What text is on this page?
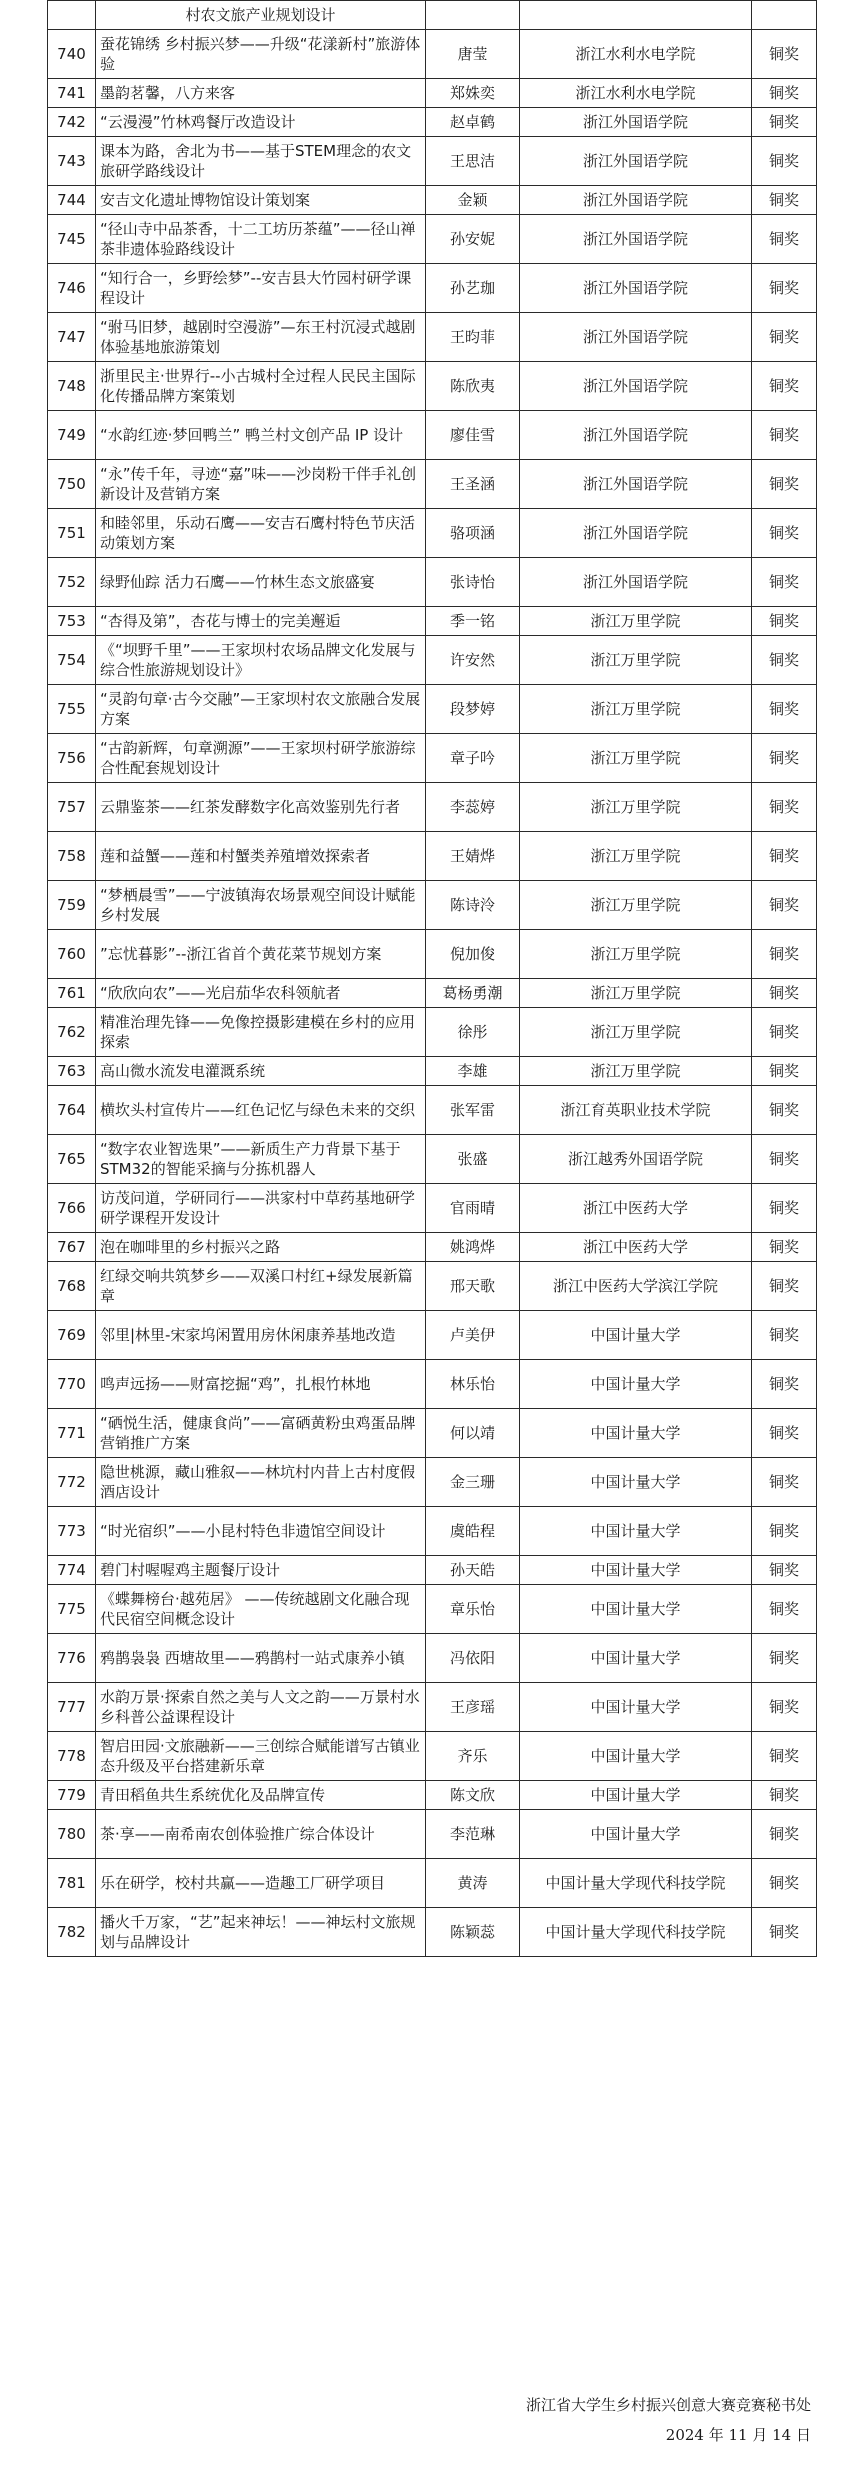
	村农文旅产业规划设计			
740	蚕花锦绣 乡村振兴梦——升级“花漾新村”旅游体验	唐莹	浙江水利水电学院	铜奖
741	墨韵茗馨，八方来客	郑姝奕	浙江水利水电学院	铜奖
742	“云漫漫”竹林鸡餐厅改造设计	赵卓鹤	浙江外国语学院	铜奖
743	课本为路，舍北为书——基于STEM理念的农文旅研学路线设计	王思洁	浙江外国语学院	铜奖
744	安吉文化遗址博物馆设计策划案	金颖	浙江外国语学院	铜奖
745	“径山寺中品茶香，十二工坊历茶蕴”——径山禅茶非遗体验路线设计	孙安妮	浙江外国语学院	铜奖
746	“知行合一，乡野绘梦”--安吉县大竹园村研学课程设计	孙艺珈	浙江外国语学院	铜奖
747	“驸马旧梦，越剧时空漫游”—东王村沉浸式越剧体验基地旅游策划	王昀菲	浙江外国语学院	铜奖
748	浙里民主·世界行--小古城村全过程人民民主国际化传播品牌方案策划	陈欣夷	浙江外国语学院	铜奖
749	“水韵红迹·梦回鸭兰” 鸭兰村文创产品 IP 设计	廖佳雪	浙江外国语学院	铜奖
750	“永”传千年，寻迹“嘉”味——沙岗粉干伴手礼创新设计及营销方案	王圣涵	浙江外国语学院	铜奖
751	和睦邻里，乐动石鹰——安吉石鹰村特色节庆活动策划方案	骆项涵	浙江外国语学院	铜奖
752	绿野仙踪 活力石鹰——竹林生态文旅盛宴	张诗怡	浙江外国语学院	铜奖
753	“杏得及第”，杏花与博士的完美邂逅	季一铭	浙江万里学院	铜奖
754	《“坝野千里”——王家坝村农场品牌文化发展与综合性旅游规划设计》	许安然	浙江万里学院	铜奖
755	“灵韵句章·古今交融”—王家坝村农文旅融合发展方案	段梦婷	浙江万里学院	铜奖
756	“古韵新辉，句章溯源”——王家坝村研学旅游综合性配套规划设计	章子吟	浙江万里学院	铜奖
757	云鼎鉴茶——红茶发酵数字化高效鉴别先行者	李蕊婷	浙江万里学院	铜奖
758	莲和益蟹——莲和村蟹类养殖增效探索者	王婧烨	浙江万里学院	铜奖
759	“梦栖晨雪”——宁波镇海农场景观空间设计赋能乡村发展	陈诗泠	浙江万里学院	铜奖
760	”忘忧暮影”--浙江省首个黄花菜节规划方案	倪加俊	浙江万里学院	铜奖
761	“欣欣向农”——光启茄华农科领航者	葛杨勇潮	浙江万里学院	铜奖
762	精准治理先锋——免像控摄影建模在乡村的应用探索	徐彤	浙江万里学院	铜奖
763	高山微水流发电灌溉系统	李雄	浙江万里学院	铜奖
764	横坎头村宣传片——红色记忆与绿色未来的交织	张军雷	浙江育英职业技术学院	铜奖
765	“数字农业智选果”——新质生产力背景下基于STM32的智能采摘与分拣机器人	张盛	浙江越秀外国语学院	铜奖
766	访茂问道，学研同行——洪家村中草药基地研学研学课程开发设计	官雨晴	浙江中医药大学	铜奖
767	泡在咖啡里的乡村振兴之路	姚鸿烨	浙江中医药大学	铜奖
768	红绿交响共筑梦乡——双溪口村红+绿发展新篇章	邢天歌	浙江中医药大学滨江学院	铜奖
769	邻里|林里-宋家坞闲置用房休闲康养基地改造	卢美伊	中国计量大学	铜奖
770	鸣声远扬——财富挖掘“鸡”，扎根竹林地	林乐怡	中国计量大学	铜奖
771	“硒悦生活，健康食尚”——富硒黄粉虫鸡蛋品牌营销推广方案	何以靖	中国计量大学	铜奖
772	隐世桃源，藏山雅叙——林坑村内昔上古村度假酒店设计	金三珊	中国计量大学	铜奖
773	“时光宿织”——小昆村特色非遗馆空间设计	虞皓程	中国计量大学	铜奖
774	碧门村喔喔鸡主题餐厅设计	孙天皓	中国计量大学	铜奖
775	《蝶舞榜台·越苑居》 ——传统越剧文化融合现代民宿空间概念设计	章乐怡	中国计量大学	铜奖
776	鸦鹊袅袅 西塘故里——鸦鹊村一站式康养小镇	冯依阳	中国计量大学	铜奖
777	水韵万景·探索自然之美与人文之韵——万景村水乡科普公益课程设计	王彦瑶	中国计量大学	铜奖
778	智启田园·文旅融新——三创综合赋能谱写古镇业态升级及平台搭建新乐章	齐乐	中国计量大学	铜奖
779	青田稻鱼共生系统优化及品牌宣传	陈文欣	中国计量大学	铜奖
780	茶·享——南希南农创体验推广综合体设计	李范琳	中国计量大学	铜奖
781	乐在研学，校村共赢——造趣工厂研学项目	黄涛	中国计量大学现代科技学院	铜奖
782	播火千万家，“艺”起来神坛！——神坛村文旅规划与品牌设计	陈颖蕊	中国计量大学现代科技学院	铜奖
浙江省大学生乡村振兴创意大赛竞赛秘书处
2024 年 11 月 14 日
